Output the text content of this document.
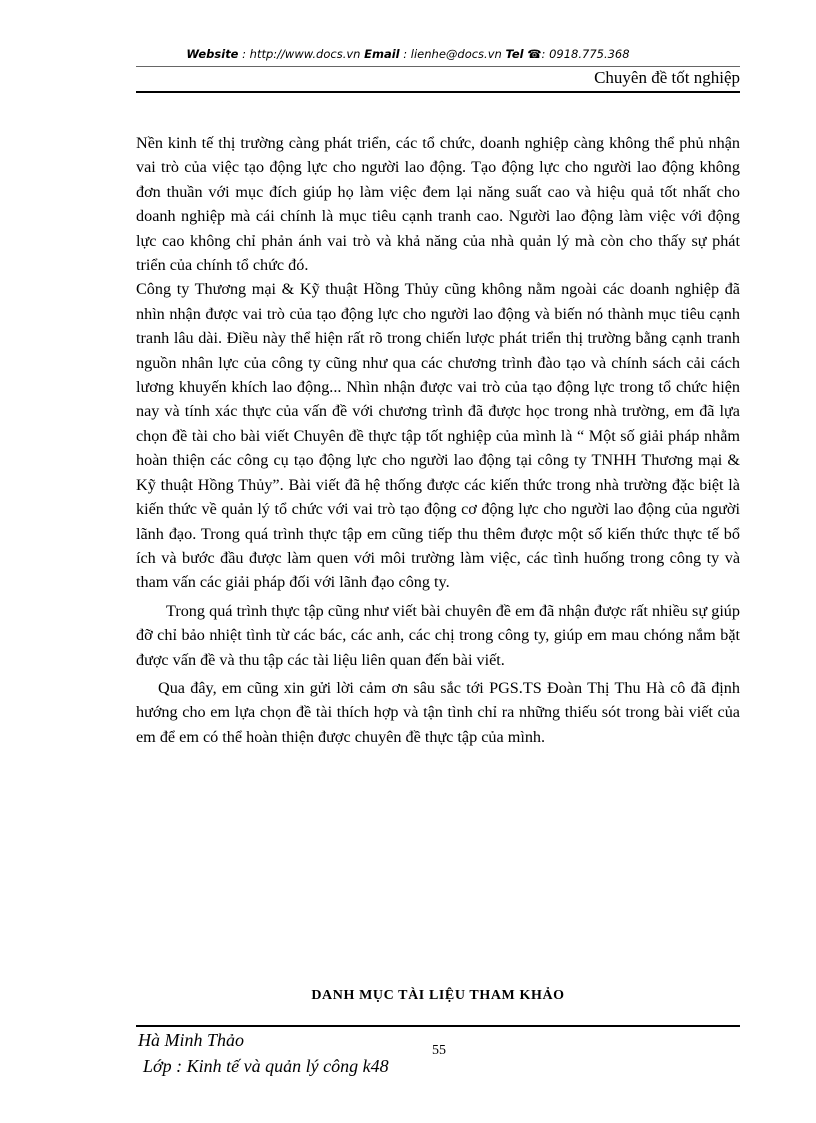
Website : http://www.docs.vn Email : lienhe@docs.vn Tel ☎: 0918.775.368
Chuyên đề tốt nghiệp

Nền kinh tế thị trường càng phát triển, các tổ chức, doanh nghiệp càng không thể phủ nhận vai trò của việc tạo động lực cho người lao động. Tạo động lực cho người lao động không đơn thuần với mục đích giúp họ làm việc đem lại năng suất cao và hiệu quả tốt nhất cho doanh nghiệp mà cái chính là mục tiêu cạnh tranh cao. Người lao động làm việc với động lực cao không chỉ phản ánh vai trò và khả năng của nhà quản lý mà còn cho thấy sự phát triển của chính tổ chức đó.

Công ty Thương mại & Kỹ thuật Hồng Thủy cũng không nằm ngoài các doanh nghiệp đã nhìn nhận được vai trò của tạo động lực cho người lao động và biến nó thành mục tiêu cạnh tranh lâu dài. Điều này thể hiện rất rõ trong chiến lược phát triển thị trường bằng cạnh tranh nguồn nhân lực của công ty cũng như qua các chương trình đào tạo và chính sách cải cách lương khuyến khích lao động... Nhìn nhận được vai trò của tạo động lực trong tổ chức hiện nay và tính xác thực của vấn đề với chương trình đã được học trong nhà trường, em đã lựa chọn đề tài cho bài viết Chuyên đề thực tập tốt nghiệp của mình là “ Một số giải pháp nhằm hoàn thiện các công cụ tạo động lực cho người lao động tại công ty TNHH Thương mại & Kỹ thuật Hồng Thủy”. Bài viết đã hệ thống được các kiến thức trong nhà trường đặc biệt là kiến thức về quản lý tổ chức với vai trò tạo động cơ động lực cho người lao động của người lãnh đạo. Trong quá trình thực tập em cũng tiếp thu thêm được một số kiến thức thực tế bổ ích và bước đầu được làm quen với môi trường làm việc, các tình huống trong công ty và tham vấn các giải pháp đối với lãnh đạo công ty.

Trong quá trình thực tập cũng như viết bài chuyên đề em đã nhận được rất nhiều sự giúp đỡ chỉ bảo nhiệt tình từ các bác, các anh, các chị trong công ty, giúp em mau chóng nắm bặt được vấn đề và thu tập các tài liệu liên quan đến bài viết.

Qua đây, em cũng xin gửi lời cảm ơn sâu sắc tới PGS.TS Đoàn Thị Thu Hà cô đã định hướng cho em lựa chọn đề tài thích hợp và tận tình chỉ ra những thiếu sót trong bài viết của em để em có thể hoàn thiện được chuyên đề thực tập của mình.

DANH MỤC TÀI LIỆU THAM KHẢO
Hà Minh Thảo
55
Lớp : Kinh tế và quản lý công k48
